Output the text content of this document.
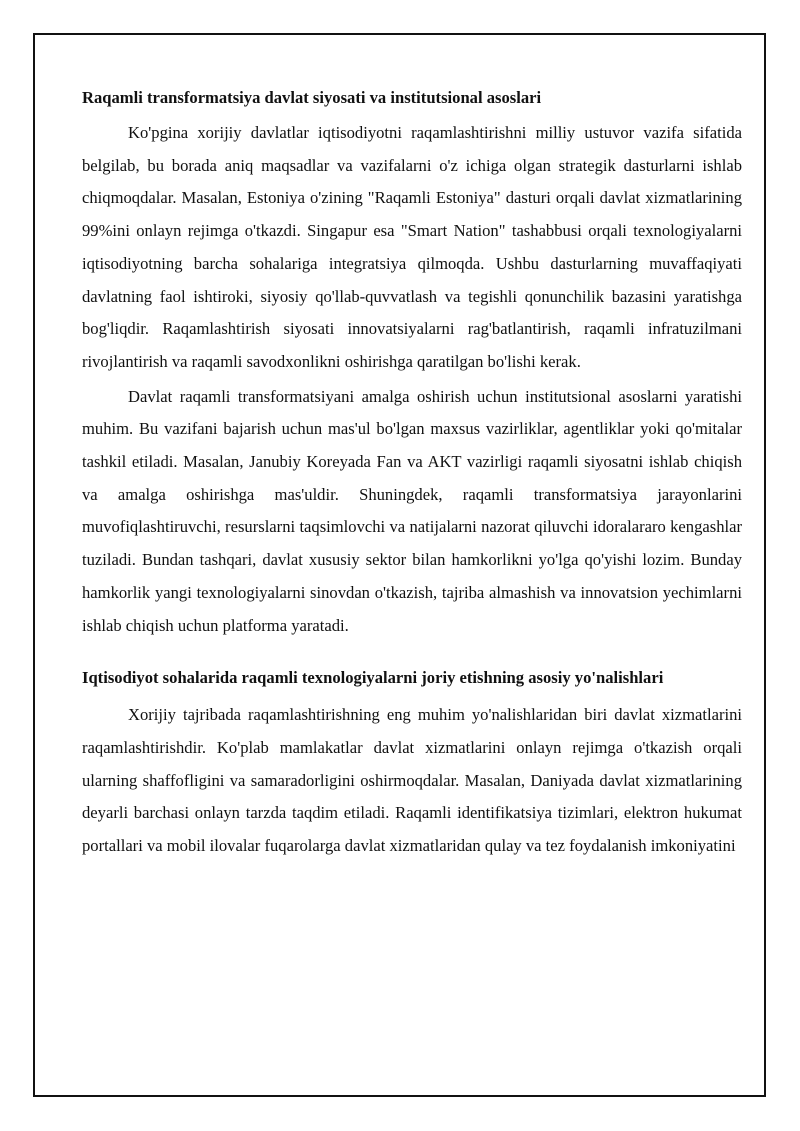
Raqamli transformatsiya davlat siyosati va institutsional asoslari

Ko'pgina xorijiy davlatlar iqtisodiyotni raqamlashtirishni milliy ustuvor vazifa sifatida belgilab, bu borada aniq maqsadlar va vazifalarni o'z ichiga olgan strategik dasturlarni ishlab chiqmoqdalar. Masalan, Estoniya o'zining "Raqamli Estoniya" dasturi orqali davlat xizmatlarining 99%ini onlayn rejimga o'tkazdi. Singapur esa "Smart Nation" tashabbusi orqali texnologiyalarni iqtisodiyotning barcha sohalariga integratsiya qilmoqda. Ushbu dasturlarning muvaffaqiyati davlatning faol ishtiroki, siyosiy qo'llab-quvvatlash va tegishli qonunchilik bazasini yaratishga bog'liqdir. Raqamlashtirish siyosati innovatsiyalarni rag'batlantirish, raqamli infratuzilmani rivojlantirish va raqamli savodxonlikni oshirishga qaratilgan bo'lishi kerak.

Davlat raqamli transformatsiyani amalga oshirish uchun institutsional asoslarni yaratishi muhim. Bu vazifani bajarish uchun mas'ul bo'lgan maxsus vazirliklar, agentliklar yoki qo'mitalar tashkil etiladi. Masalan, Janubiy Koreyada Fan va AKT vazirligi raqamli siyosatni ishlab chiqish va amalga oshirishga mas'uldir. Shuningdek, raqamli transformatsiya jarayonlarini muvofiqlashtiruvchi, resurslarni taqsimlovchi va natijalarni nazorat qiluvchi idoralararo kengashlar tuziladi. Bundan tashqari, davlat xususiy sektor bilan hamkorlikni yo'lga qo'yishi lozim. Bunday hamkorlik yangi texnologiyalarni sinovdan o'tkazish, tajriba almashish va innovatsion yechimlarni ishlab chiqish uchun platforma yaratadi.

Iqtisodiyot sohalarida raqamli texnologiyalarni joriy etishning asosiy yo'nalishlari

Xorijiy tajribada raqamlashtirishning eng muhim yo'nalishlaridan biri davlat xizmatlarini raqamlashtirishdir. Ko'plab mamlakatlar davlat xizmatlarini onlayn rejimga o'tkazish orqali ularning shaffofligini va samaradorligini oshirmoqdalar. Masalan, Daniyada davlat xizmatlarining deyarli barchasi onlayn tarzda taqdim etiladi. Raqamli identifikatsiya tizimlari, elektron hukumat portallari va mobil ilovalar fuqarolarga davlat xizmatlaridan qulay va tez foydalanish imkoniyatini
